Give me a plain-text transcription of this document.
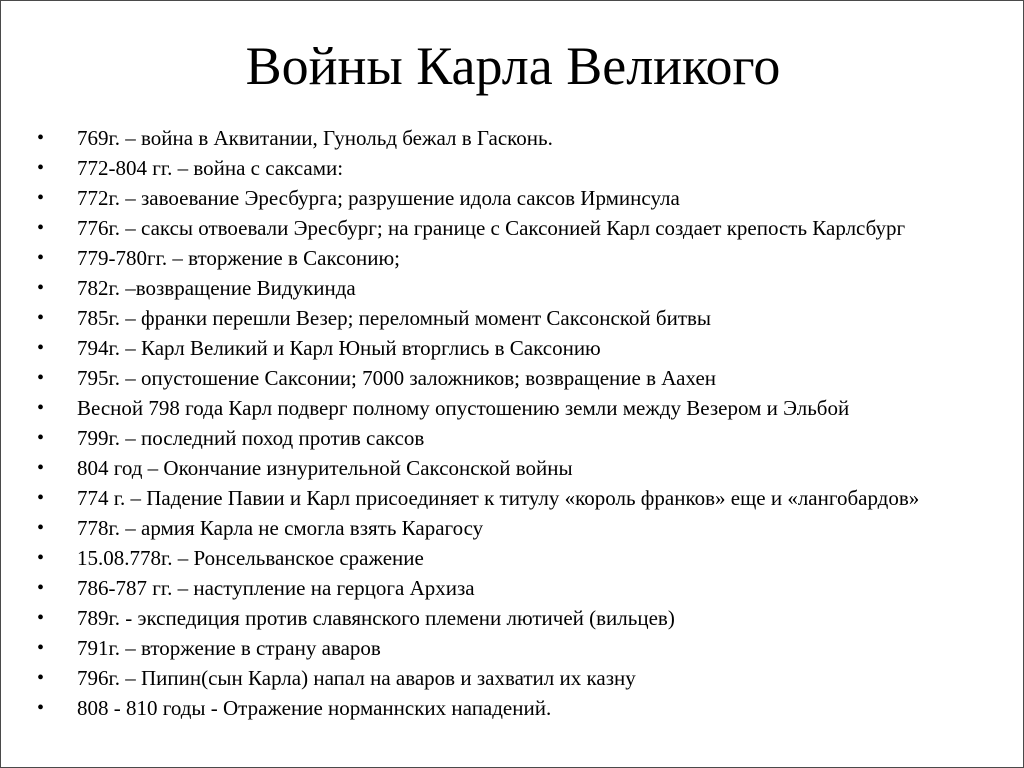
Войны Карла Великого
• 769г. – война в Аквитании, Гунольд бежал в Гасконь.
• 772-804 гг. – война с саксами:
• 772г. – завоевание Эресбурга; разрушение идола саксов Ирминсула
• 776г. – саксы отвоевали Эресбург; на границе с Саксонией Карл создает крепость Карлсбург
• 779-780гг. – вторжение в Саксонию;
• 782г. –возвращение Видукинда
• 785г. – франки перешли Везер; переломный момент Саксонской битвы
• 794г. – Карл Великий и Карл Юный вторглись в Саксонию
• 795г. – опустошение Саксонии; 7000 заложников; возвращение в Аахен
• Весной 798 года Карл подверг полному опустошению земли между Везером и Эльбой
• 799г. – последний поход против саксов
• 804 год – Окончание изнурительной Саксонской войны
• 774 г. – Падение Павии и Карл присоединяет к титулу «король франков» еще и «лангобардов»
• 778г. – армия Карла не смогла взять Карагосу
• 15.08.778г. – Ронсельванское сражение
• 786-787 гг. – наступление на герцога Архиза
• 789г. - экспедиция против славянского племени лютичей (вильцев)
• 791г. – вторжение в страну аваров
• 796г. – Пипин(сын Карла) напал на аваров и захватил их казну
• 808 - 810 годы - Отражение норманнских нападений.
